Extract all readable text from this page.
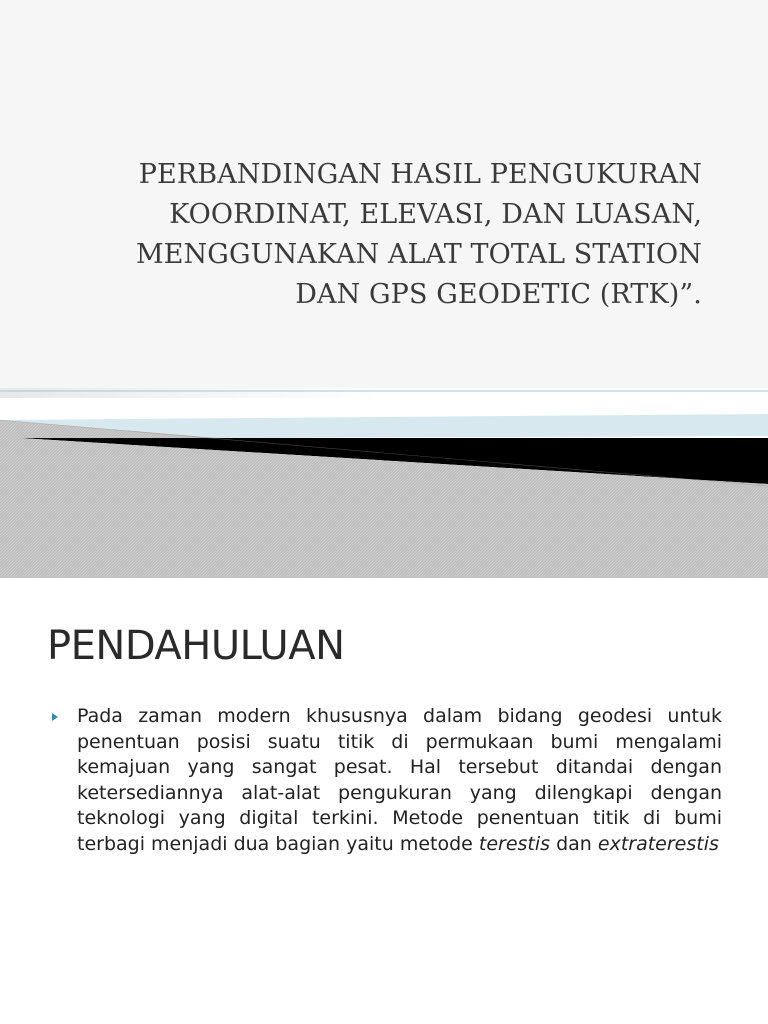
PERBANDINGAN HASIL PENGUKURAN
KOORDINAT, ELEVASI, DAN LUASAN,
MENGGUNAKAN ALAT TOTAL STATION
DAN GPS GEODETIC (RTK)”.
PENDAHULUAN

Pada zaman modern khususnya dalam bidang geodesi untuk penentuan posisi suatu titik di permukaan bumi mengalami kemajuan yang sangat pesat. Hal tersebut ditandai dengan ketersediannya alat-alat pengukuran yang dilengkapi dengan teknologi yang digital terkini. Metode penentuan titik di bumi terbagi menjadi dua bagian yaitu metode terestis dan extraterestis
